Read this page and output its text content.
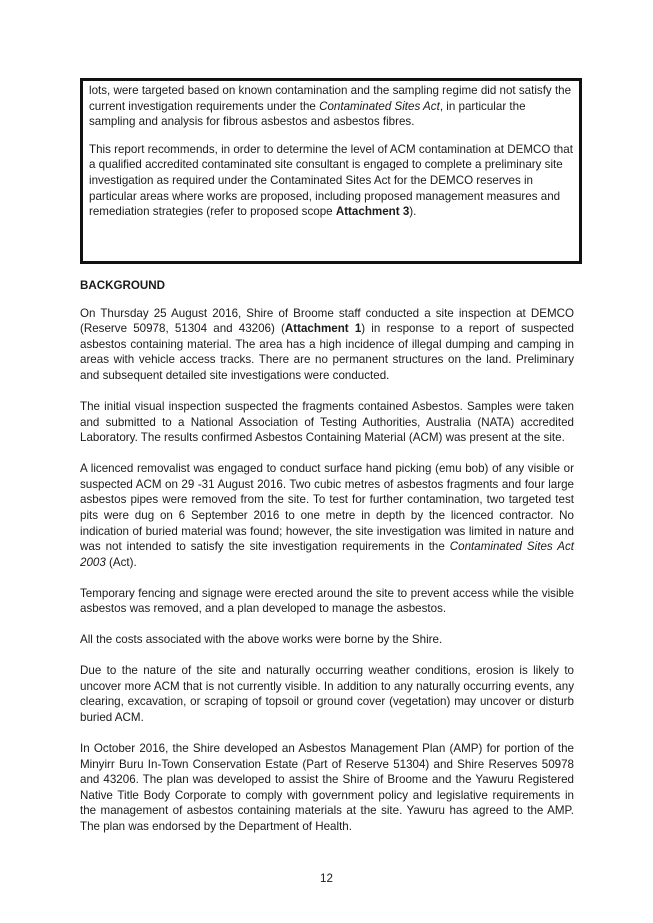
lots, were targeted based on known contamination and the sampling regime did not satisfy the current investigation requirements under the Contaminated Sites Act, in particular the sampling and analysis for fibrous asbestos and asbestos fibres.

This report recommends, in order to determine the level of ACM contamination at DEMCO that a qualified accredited contaminated site consultant is engaged to complete a preliminary site investigation as required under the Contaminated Sites Act for the DEMCO reserves in particular areas where works are proposed, including proposed management measures and remediation strategies (refer to proposed scope Attachment 3).

BACKGROUND

On Thursday 25 August 2016, Shire of Broome staff conducted a site inspection at DEMCO (Reserve 50978, 51304 and 43206) (Attachment 1) in response to a report of suspected asbestos containing material. The area has a high incidence of illegal dumping and camping in areas with vehicle access tracks. There are no permanent structures on the land. Preliminary and subsequent detailed site investigations were conducted.

The initial visual inspection suspected the fragments contained Asbestos. Samples were taken and submitted to a National Association of Testing Authorities, Australia (NATA) accredited Laboratory. The results confirmed Asbestos Containing Material (ACM) was present at the site.

A licenced removalist was engaged to conduct surface hand picking (emu bob) of any visible or suspected ACM on 29 -31 August 2016. Two cubic metres of asbestos fragments and four large asbestos pipes were removed from the site. To test for further contamination, two targeted test pits were dug on 6 September 2016 to one metre in depth by the licenced contractor. No indication of buried material was found; however, the site investigation was limited in nature and was not intended to satisfy the site investigation requirements in the Contaminated Sites Act 2003 (Act).

Temporary fencing and signage were erected around the site to prevent access while the visible asbestos was removed, and a plan developed to manage the asbestos.

All the costs associated with the above works were borne by the Shire.

Due to the nature of the site and naturally occurring weather conditions, erosion is likely to uncover more ACM that is not currently visible. In addition to any naturally occurring events, any clearing, excavation, or scraping of topsoil or ground cover (vegetation) may uncover or disturb buried ACM.

In October 2016, the Shire developed an Asbestos Management Plan (AMP) for portion of the Minyirr Buru In-Town Conservation Estate (Part of Reserve 51304) and Shire Reserves 50978 and 43206. The plan was developed to assist the Shire of Broome and the Yawuru Registered Native Title Body Corporate to comply with government policy and legislative requirements in the management of asbestos containing materials at the site. Yawuru has agreed to the AMP. The plan was endorsed by the Department of Health.

12
